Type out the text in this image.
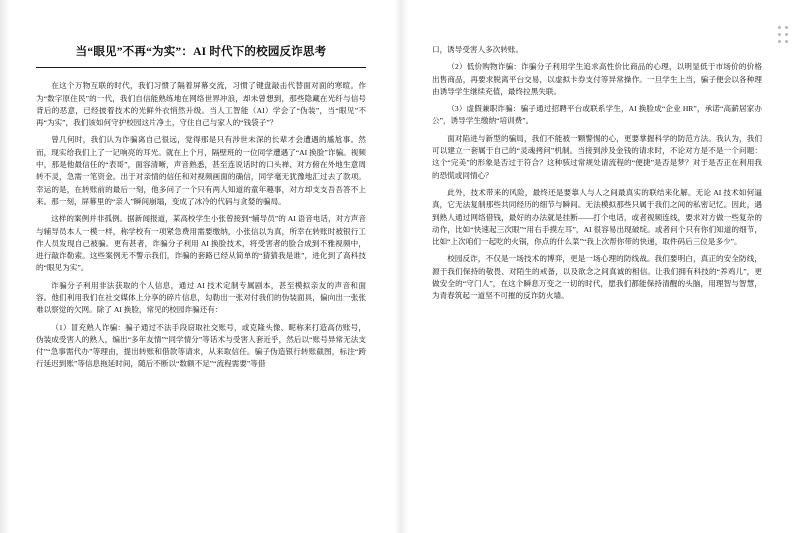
当“眼见”不再“为实”：AI 时代下的校园反诈思考

在这个万物互联的时代，我们习惯了隔着屏幕交流，习惯了键盘敲击代替面对面的寒暄。作为“数字原住民”的一代，我们自信能熟练地在网络世界冲浪，却未曾想到，那些隐藏在光纤与信号背后的恶意，已经披着技术的光鲜外衣悄然升级。当人工智能（AI）学会了“伪装”，当“眼见”不再“为实”，我们该如何守护校园这片净土，守住自己与家人的“钱袋子”？

曾几何时，我们认为诈骗离自己很远，觉得那是只有涉世未深的长辈才会遭遇的尴尬事。然而，现实给我们上了一记响亮的耳光。就在上个月，隔壁班的一位同学遭遇了“AI 换脸”诈骗。视频中，那是他最信任的“表哥”，面容清晰，声音熟悉，甚至连说话时的口头禅、对方俯在外地生意周转不灵，急需一笔资金。出于对亲情的信任和对视频画面的确信，同学毫无犹豫地汇过去了款项。幸运的是，在转账前的最后一刻，他多问了一个只有两人知道的童年趣事，对方却支支吾吾答不上来。那一刻，屏幕里的“亲人”瞬间崩塌，变成了冰冷的代码与贪婪的骗局。

这样的案例并非孤例。据新闻报道，某高校学生小张曾接到“辅导员”的 AI 语音电话，对方声音与辅导员本人一模一样，称学校有一项紧急费用需要缴纳，小张信以为真，所幸在转账时被银行工作人员发现自己被骗。更有甚者，诈骗分子利用 AI 换脸技术，将受害者的脸合成到不雅视频中，进行敲诈勒索。这些案例无不警示我们，诈骗的套路已经从简单的“猜猜我是谁”，进化到了高科技的“眼见为实”。

诈骗分子利用非法获取的个人信息，通过 AI 技术定制专属剧本，甚至模拟亲友的声音和面容。他们利用我们在社交媒体上分享的碎片信息，勾勒出一张对付我们的伪装面具，偏向出一张张难以察觉的欠网。除了 AI 换脸，常见的校园诈骗还有：

（1）冒充熟人诈骗：骗子通过不法手段窃取社交账号，或克隆头像、昵称来打造高仿账号，伪装成受害人的熟人，编出“多年友情”“同学情分”等话术与受害人套近乎，然后以“账号异常无法支付”“急事需代办”等理由，提出转账和借款等请求，从来取信任。骗子伪造银行转账截图，标注“跨行延迟到账”等信息拖延时间，随后不断以“数额不足”“流程需要”等借

口，诱导受害人多次转账。

（2）低价购物诈骗：诈骗分子利用学生追求高性价比商品的心理，以明显低于市场价的价格出售商品，再要求脱离平台交易，以虚拟卡券支付等异常操作。一旦学生上当，骗子便会以各种理由诱导学生继续充值，最终拉黑失联。

（3）虚假兼职诈骗：骗子通过招聘平台或联系学生，AI 换脸成“企业 HR”，承诺“高薪居家办公”，诱导学生缴纳“培训费”。

面对陷进与新型的骗局，我们不能被一颗警惕的心，更要掌握科学的防范方法。我认为，我们可以建立一套属于自己的“灵魂拷问”机制。当接到涉及金钱的请求时，不论对方是不是一个问题：这个“完美”的形象是否过于符合？这种骇过常规处请流程的“便捷”是否是梦？对于是否正在利用我的恐慌或同情心？

此外，技术带来的风险，最终还是要靠人与人之间最真实的联结来化解。无论 AI 技术如何逼真，它无法复制那些共同经历的细节与瞬间。无法模拟那些只属于我们之间的私密记忆。因此，遇到熟人通过网络借钱，最好的办法就是挂断——打个电话，或者视频连线，要求对方做一些复杂的动作，比如“快速起三次眼”“用右手摸左耳”，AI 很容易出现破绽。或者问个只有你们知道的细节，比如“上次咱们一起吃的火锅，你点的什么菜”“我上次帮你带的快递，取件码后三位是多少”。

校园反诈，不仅是一场技术的博弈，更是一场心理的防线战。我们要明白，真正的安全防线，源于我们保持的敬畏、对陌生的戒备，以及欲念之间真诚的相信。让我们拥有科技的“养鸡儿”，更做安全的“守门人”，在这个瞬息万变之一切的时代，愿我们都能保持清醒的头脑，用理智与智慧，为青春筑起一道坚不可摧的反诈防火墙。
